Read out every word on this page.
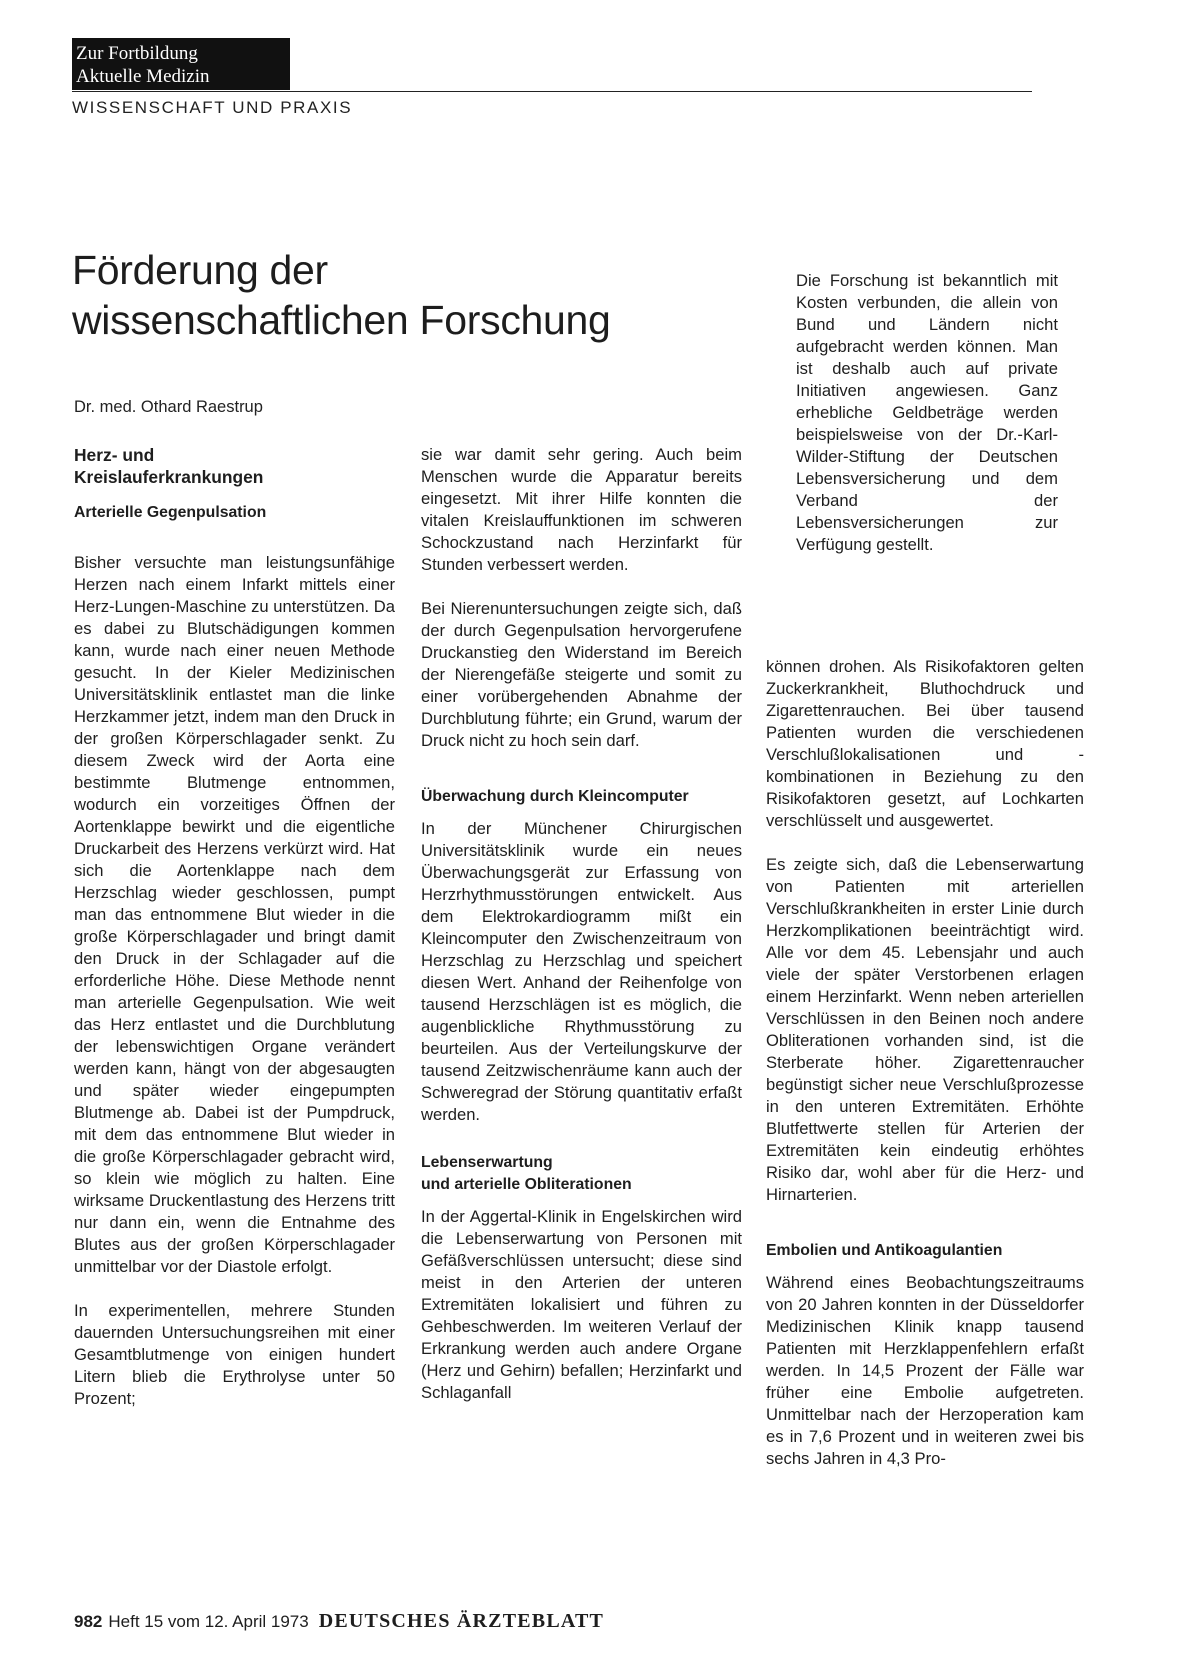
Zur Fortbildung
Aktuelle Medizin
WISSENSCHAFT UND PRAXIS
Förderung der
wissenschaftlichen Forschung
Dr. med. Othard Raestrup
Herz- und Kreislauferkrankungen
Arterielle Gegenpulsation

Bisher versuchte man leistungsunfähige Herzen nach einem Infarkt mittels einer Herz-Lungen-Maschine zu unterstützen. Da es dabei zu Blutschädigungen kommen kann, wurde nach einer neuen Methode gesucht. In der Kieler Medizinischen Universitätsklinik entlastet man die linke Herzkammer jetzt, indem man den Druck in der großen Körperschlagader senkt. Zu diesem Zweck wird der Aorta eine bestimmte Blutmenge entnommen, wodurch ein vorzeitiges Öffnen der Aortenklappe bewirkt und die eigentliche Druckarbeit des Herzens verkürzt wird. Hat sich die Aortenklappe nach dem Herzschlag wieder geschlossen, pumpt man das entnommene Blut wieder in die große Körperschlagader und bringt damit den Druck in der Schlagader auf die erforderliche Höhe. Diese Methode nennt man arterielle Gegenpulsation. Wie weit das Herz entlastet und die Durchblutung der lebenswichtigen Organe verändert werden kann, hängt von der abgesaugten und später wieder eingepumpten Blutmenge ab. Dabei ist der Pumpdruck, mit dem das entnommene Blut wieder in die große Körperschlagader gebracht wird, so klein wie möglich zu halten. Eine wirksame Druckentlastung des Herzens tritt nur dann ein, wenn die Entnahme des Blutes aus der großen Körperschlagader unmittelbar vor der Diastole erfolgt.

In experimentellen, mehrere Stunden dauernden Untersuchungsreihen mit einer Gesamtblutmenge von einigen hundert Litern blieb die Erythrolyse unter 50 Prozent;

sie war damit sehr gering. Auch beim Menschen wurde die Apparatur bereits eingesetzt. Mit ihrer Hilfe konnten die vitalen Kreislauffunktionen im schweren Schockzustand nach Herzinfarkt für Stunden verbessert werden.

Bei Nierenuntersuchungen zeigte sich, daß der durch Gegenpulsation hervorgerufene Druckanstieg den Widerstand im Bereich der Nierengefäße steigerte und somit zu einer vorübergehenden Abnahme der Durchblutung führte; ein Grund, warum der Druck nicht zu hoch sein darf.

Überwachung durch Kleincomputer

In der Münchener Chirurgischen Universitätsklinik wurde ein neues Überwachungsgerät zur Erfassung von Herzrhythmusstörungen entwickelt. Aus dem Elektrokardiogramm mißt ein Kleincomputer den Zwischenzeitraum von Herzschlag zu Herzschlag und speichert diesen Wert. Anhand der Reihenfolge von tausend Herzschlägen ist es möglich, die augenblickliche Rhythmusstörung zu beurteilen. Aus der Verteilungskurve der tausend Zeitzwischenräume kann auch der Schweregrad der Störung quantitativ erfaßt werden.

Lebenserwartung
und arterielle Obliterationen

In der Aggertal-Klinik in Engelskirchen wird die Lebenserwartung von Personen mit Gefäßverschlüssen untersucht; diese sind meist in den Arterien der unteren Extremitäten lokalisiert und führen zu Gehbeschwerden. Im weiteren Verlauf der Erkrankung werden auch andere Organe (Herz und Gehirn) befallen; Herzinfarkt und Schlaganfall

Die Forschung ist bekanntlich mit Kosten verbunden, die allein von Bund und Ländern nicht aufgebracht werden können. Man ist deshalb auch auf private Initiativen angewiesen. Ganz erhebliche Geldbeträge werden beispielsweise von der Dr.-Karl-Wilder-Stiftung der Deutschen Lebensversicherung und dem Verband der Lebensversicherungen zur Verfügung gestellt.

können drohen. Als Risikofaktoren gelten Zuckerkrankheit, Bluthochdruck und Zigarettenrauchen. Bei über tausend Patienten wurden die verschiedenen Verschlußlokalisationen und -kombinationen in Beziehung zu den Risikofaktoren gesetzt, auf Lochkarten verschlüsselt und ausgewertet.

Es zeigte sich, daß die Lebenserwartung von Patienten mit arteriellen Verschlußkrankheiten in erster Linie durch Herzkomplikationen beeinträchtigt wird. Alle vor dem 45. Lebensjahr und auch viele der später Verstorbenen erlagen einem Herzinfarkt. Wenn neben arteriellen Verschlüssen in den Beinen noch andere Obliterationen vorhanden sind, ist die Sterberate höher. Zigarettenraucher begünstigt sicher neue Verschlußprozesse in den unteren Extremitäten. Erhöhte Blutfettwerte stellen für Arterien der Extremitäten kein eindeutig erhöhtes Risiko dar, wohl aber für die Herz- und Hirnarterien.

Embolien und Antikoagulantien

Während eines Beobachtungszeitraums von 20 Jahren konnten in der Düsseldorfer Medizinischen Klinik knapp tausend Patienten mit Herzklappenfehlern erfaßt werden. In 14,5 Prozent der Fälle war früher eine Embolie aufgetreten. Unmittelbar nach der Herzoperation kam es in 7,6 Prozent und in weiteren zwei bis sechs Jahren in 4,3 Pro-

982 Heft 15 vom 12. April 1973 DEUTSCHES ÄRZTEBLATT
